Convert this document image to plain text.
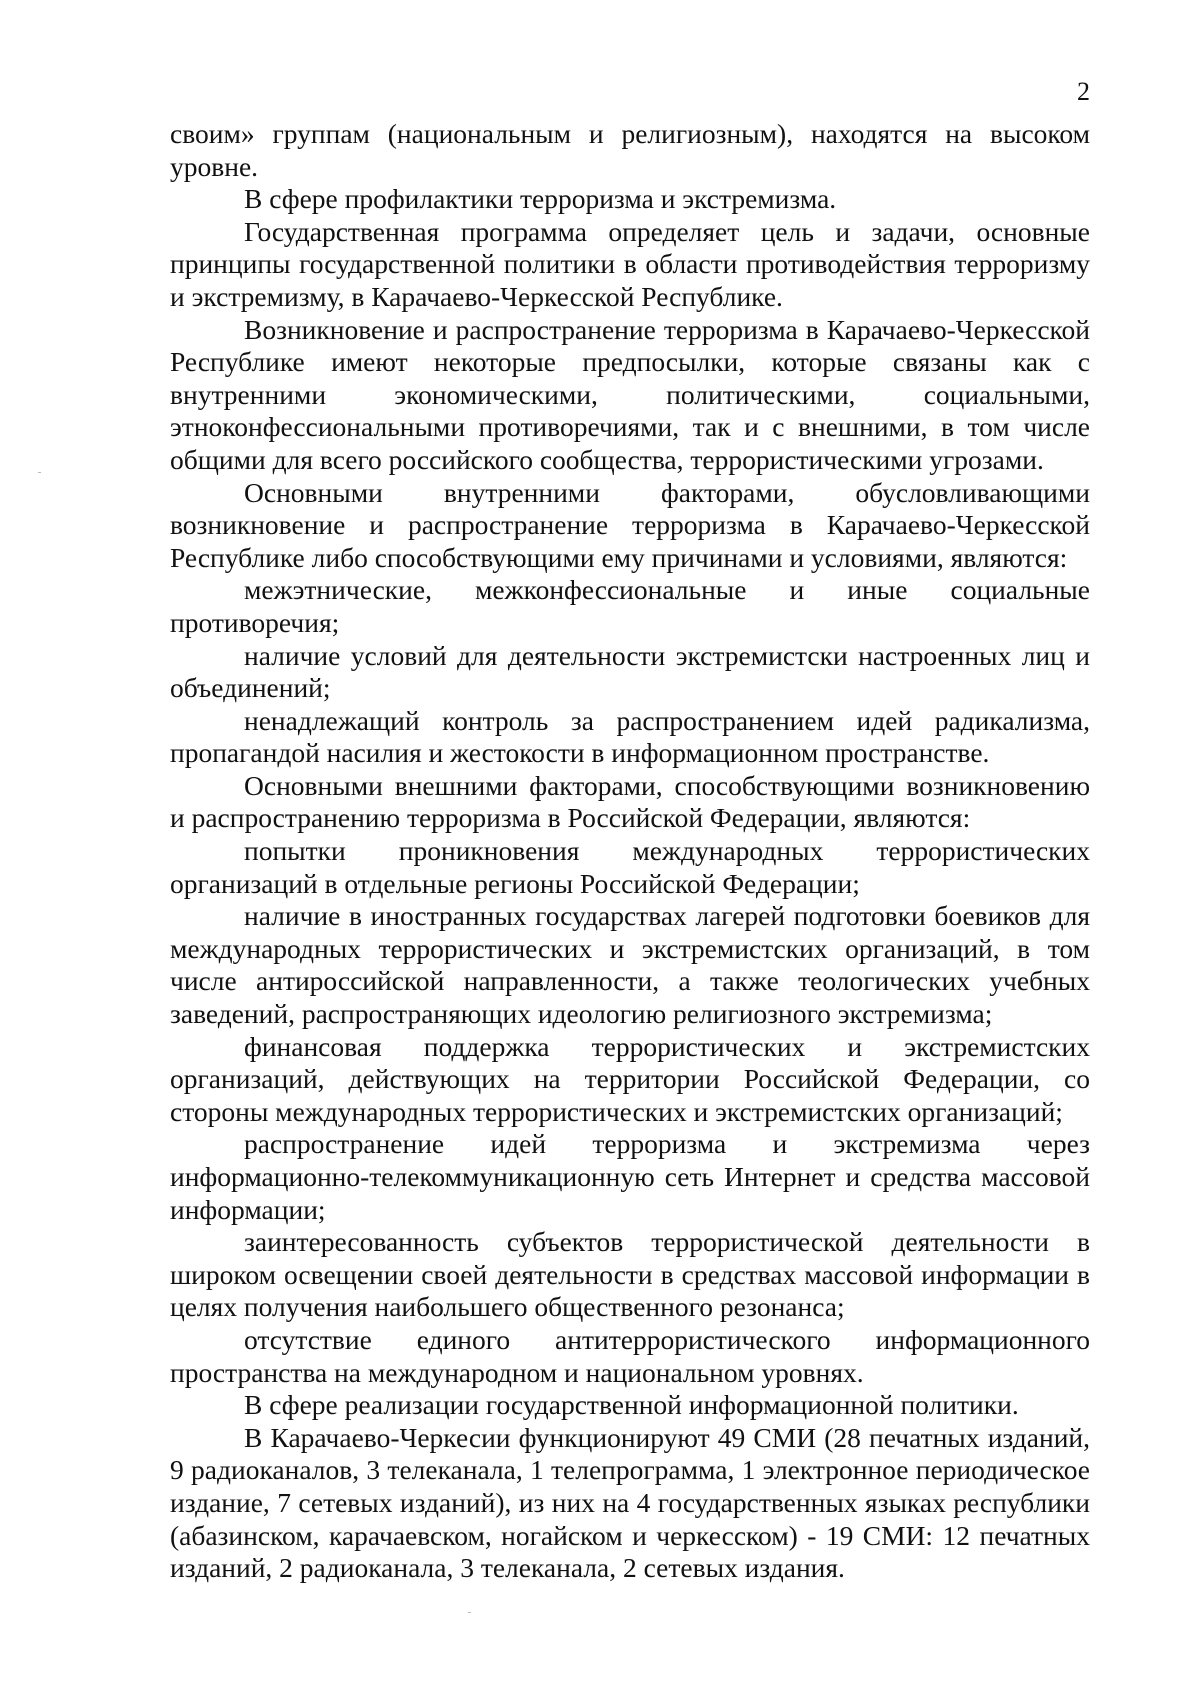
2

своим» группам (национальным и религиозным), находятся на высоком уровне.

В сфере профилактики терроризма и экстремизма.

Государственная программа определяет цель и задачи, основные принципы государственной политики в области противодействия терроризму и экстремизму, в Карачаево-Черкесской Республике.

Возникновение и распространение терроризма в Карачаево-Черкесской Республике имеют некоторые предпосылки, которые связаны как с внутренними экономическими, политическими, социальными, этноконфессиональными противоречиями, так и с внешними, в том числе общими для всего российского сообщества, террористическими угрозами.

Основными внутренними факторами, обусловливающими возникновение и распространение терроризма в Карачаево-Черкесской Республике либо способствующими ему причинами и условиями, являются:

межэтнические, межконфессиональные и иные социальные противоречия;

наличие условий для деятельности экстремистски настроенных лиц и объединений;

ненадлежащий контроль за распространением идей радикализма, пропагандой насилия и жестокости в информационном пространстве.

Основными внешними факторами, способствующими возникновению и распространению терроризма в Российской Федерации, являются:

попытки проникновения международных террористических организаций в отдельные регионы Российской Федерации;

наличие в иностранных государствах лагерей подготовки боевиков для международных террористических и экстремистских организаций, в том числе антироссийской направленности, а также теологических учебных заведений, распространяющих идеологию религиозного экстремизма;

финансовая поддержка террористических и экстремистских организаций, действующих на территории Российской Федерации, со стороны международных террористических и экстремистских организаций;

распространение идей терроризма и экстремизма через информационно-телекоммуникационную сеть Интернет и средства массовой информации;

заинтересованность субъектов террористической деятельности в широком освещении своей деятельности в средствах массовой информации в целях получения наибольшего общественного резонанса;

отсутствие единого антитеррористического информационного пространства на международном и национальном уровнях.

В сфере реализации государственной информационной политики.

В Карачаево-Черкесии функционируют 49 СМИ (28 печатных изданий, 9 радиоканалов, 3 телеканала, 1 телепрограмма, 1 электронное периодическое издание, 7 сетевых изданий), из них на 4 государственных языках республики (абазинском, карачаевском, ногайском и черкесском) - 19 СМИ: 12 печатных изданий, 2 радиоканала, 3 телеканала, 2 сетевых издания.
